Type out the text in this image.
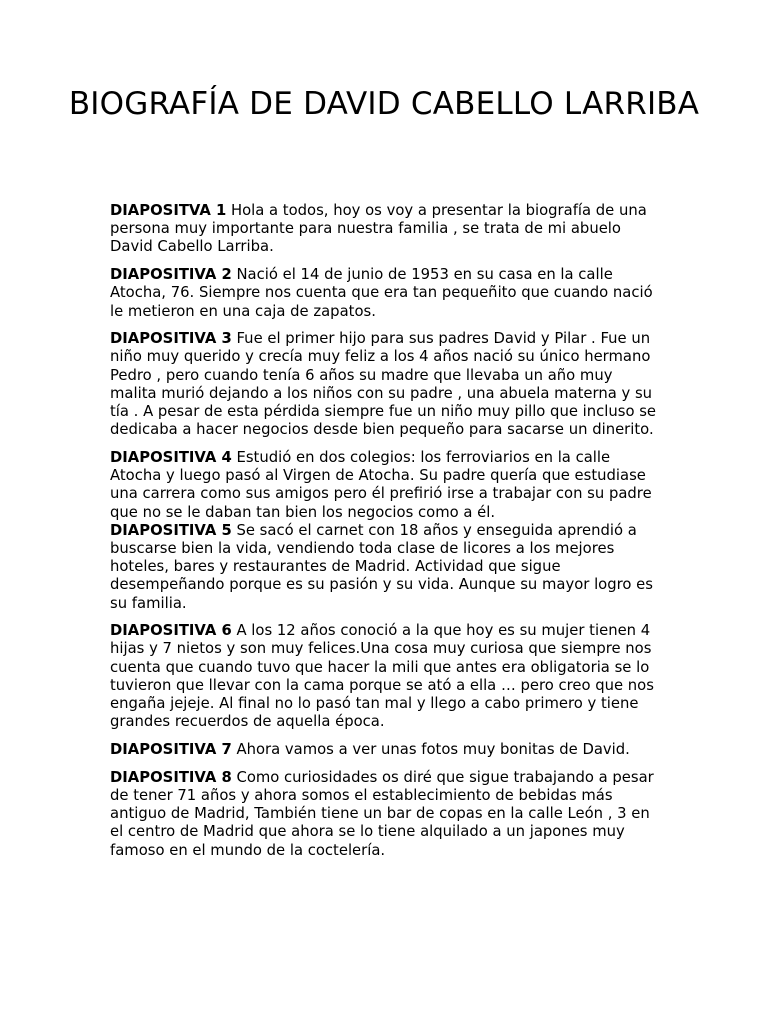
BIOGRAFÍA DE DAVID CABELLO LARRIBA

DIAPOSITVA 1 Hola a todos, hoy os voy a presentar la biografía de una persona muy importante para nuestra familia , se trata de mi abuelo David Cabello Larriba.

DIAPOSITIVA 2 Nació el 14 de junio de 1953 en su casa en la calle Atocha, 76. Siempre nos cuenta que era tan pequeñito que cuando nació le metieron en una caja de zapatos.

DIAPOSITIVA 3 Fue el primer hijo para sus padres David y Pilar . Fue un niño muy querido y crecía muy feliz a los 4 años nació su único hermano Pedro , pero cuando tenía 6 años su madre que llevaba un año muy malita murió dejando a los niños con su padre , una abuela materna y su tía . A pesar de esta pérdida siempre fue un niño muy pillo que incluso se dedicaba a hacer negocios desde bien pequeño para sacarse un dinerito.

DIAPOSITIVA 4 Estudió en dos colegios: los ferroviarios en la calle Atocha y luego pasó al Virgen de Atocha. Su padre quería que estudiase una carrera como sus amigos pero él prefirió irse a trabajar con su padre que no se le daban tan bien los negocios como a él.

DIAPOSITIVA 5 Se sacó el carnet con 18 años y enseguida aprendió a buscarse bien la vida, vendiendo toda clase de licores a los mejores hoteles, bares y restaurantes de Madrid. Actividad que sigue desempeñando porque es su pasión y su vida. Aunque su mayor logro es su familia.

DIAPOSITIVA 6 A los 12 años conoció a la que hoy es su mujer tienen 4 hijas y 7 nietos y son muy felices.Una cosa muy curiosa que siempre nos cuenta que cuando tuvo que hacer la mili que antes era obligatoria se lo tuvieron que llevar con la cama porque se ató a ella … pero creo que nos engaña jejeje. Al final no lo pasó tan mal y llego a cabo primero y tiene grandes recuerdos de aquella época.

DIAPOSITIVA 7 Ahora vamos a ver unas fotos muy bonitas de David.

DIAPOSITIVA 8 Como curiosidades os diré que sigue trabajando a pesar de tener 71 años y ahora somos el establecimiento de bebidas más antiguo de Madrid, También tiene un bar de copas en la calle León , 3 en el centro de Madrid que ahora se lo tiene alquilado a un japones muy famoso en el mundo de la coctelería.
